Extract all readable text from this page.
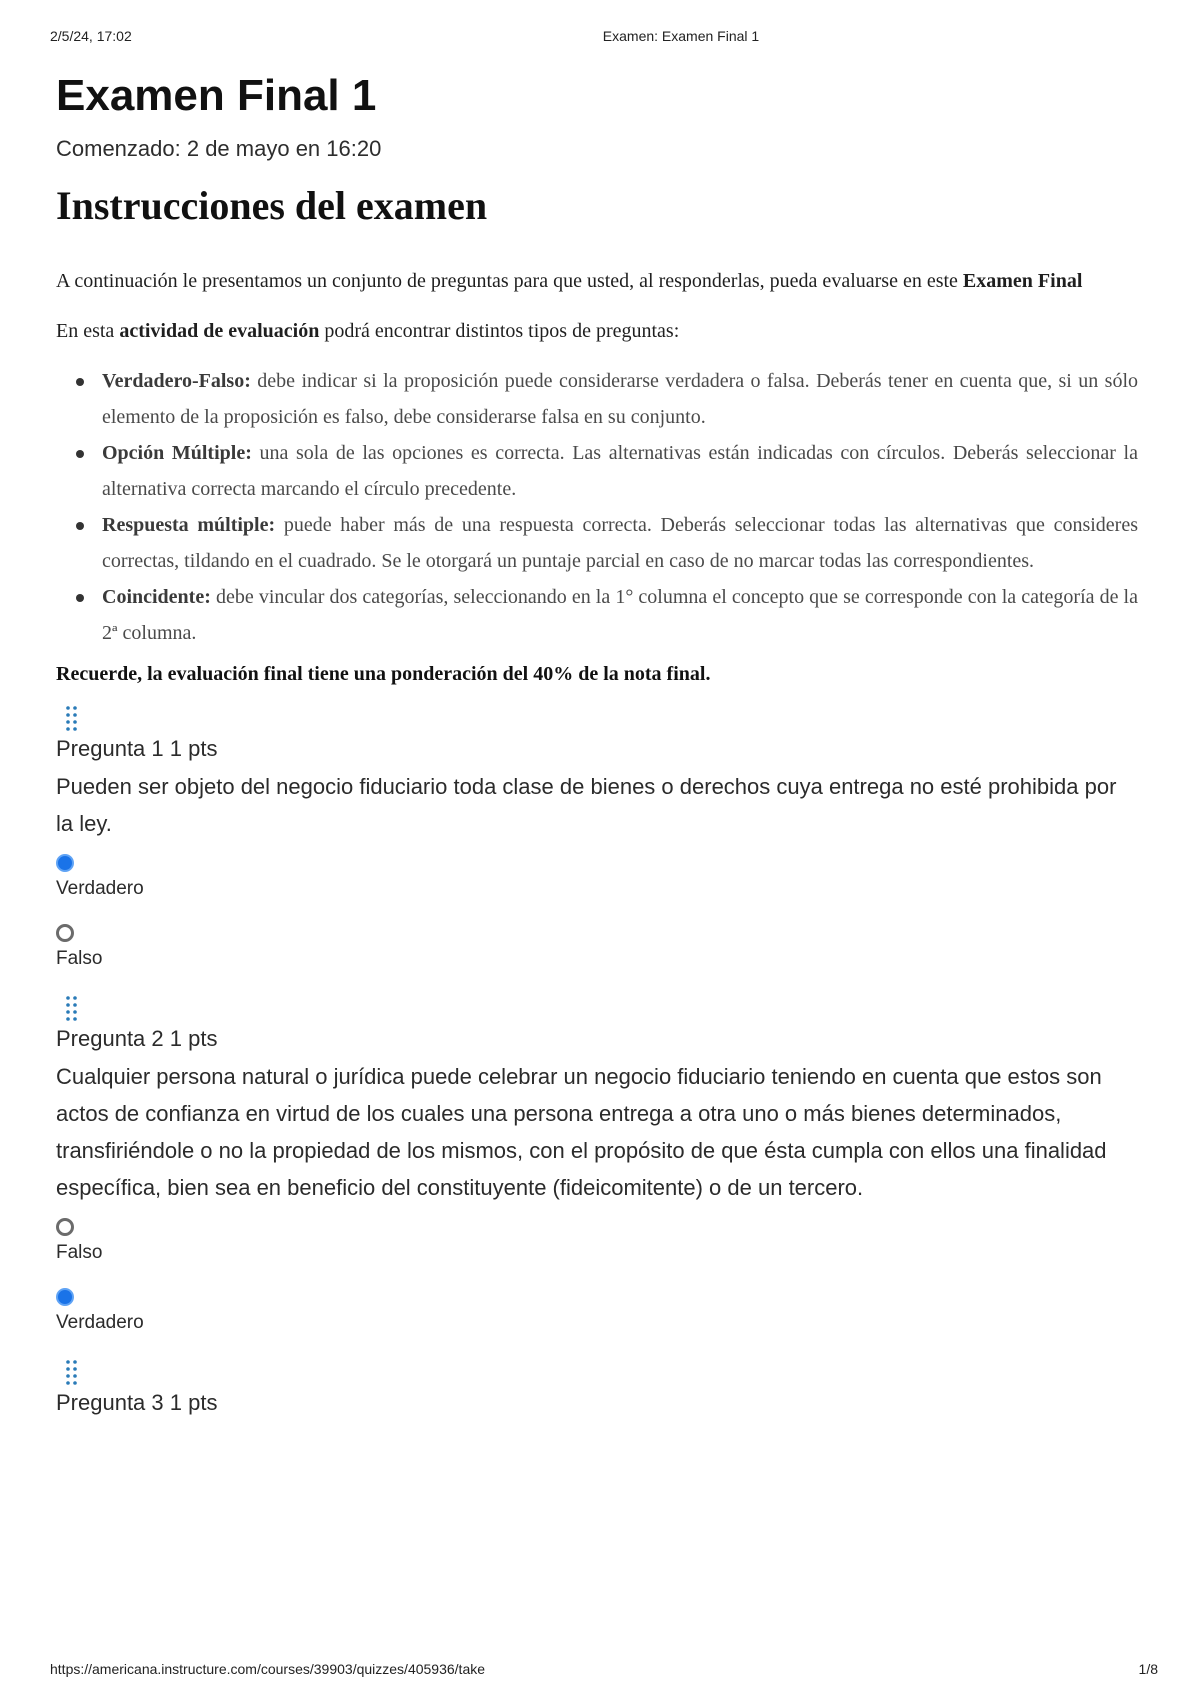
2/5/24, 17:02	Examen: Examen Final 1
Examen Final 1
Comenzado: 2 de mayo en 16:20
Instrucciones del examen

A continuación le presentamos un conjunto de preguntas para que usted, al responderlas, pueda evaluarse en este Examen Final

En esta actividad de evaluación podrá encontrar distintos tipos de preguntas:

Verdadero-Falso: debe indicar si la proposición puede considerarse verdadera o falsa. Deberás tener en cuenta que, si un sólo elemento de la proposición es falso, debe considerarse falsa en su conjunto.
Opción Múltiple: una sola de las opciones es correcta. Las alternativas están indicadas con círculos. Deberás seleccionar la alternativa correcta marcando el círculo precedente.
Respuesta múltiple: puede haber más de una respuesta correcta. Deberás seleccionar todas las alternativas que consideres correctas, tildando en el cuadrado. Se le otorgará un puntaje parcial en caso de no marcar todas las correspondientes.
Coincidente: debe vincular dos categorías, seleccionando en la 1° columna el concepto que se corresponde con la categoría de la 2ª columna.

Recuerde, la evaluación final tiene una ponderación del 40% de la nota final.

Pregunta 1 1 pts
Pueden ser objeto del negocio fiduciario toda clase de bienes o derechos cuya entrega no esté prohibida por la ley.
Verdadero
Falso
Pregunta 2 1 pts
Cualquier persona natural o jurídica puede celebrar un negocio fiduciario teniendo en cuenta que estos son actos de confianza en virtud de los cuales una persona entrega a otra uno o más bienes determinados, transfiriéndole o no la propiedad de los mismos, con el propósito de que ésta cumpla con ellos una finalidad específica, bien sea en beneficio del constituyente (fideicomitente) o de un tercero.
Falso
Verdadero
Pregunta 3 1 pts
https://americana.instructure.com/courses/39903/quizzes/405936/take	1/8
